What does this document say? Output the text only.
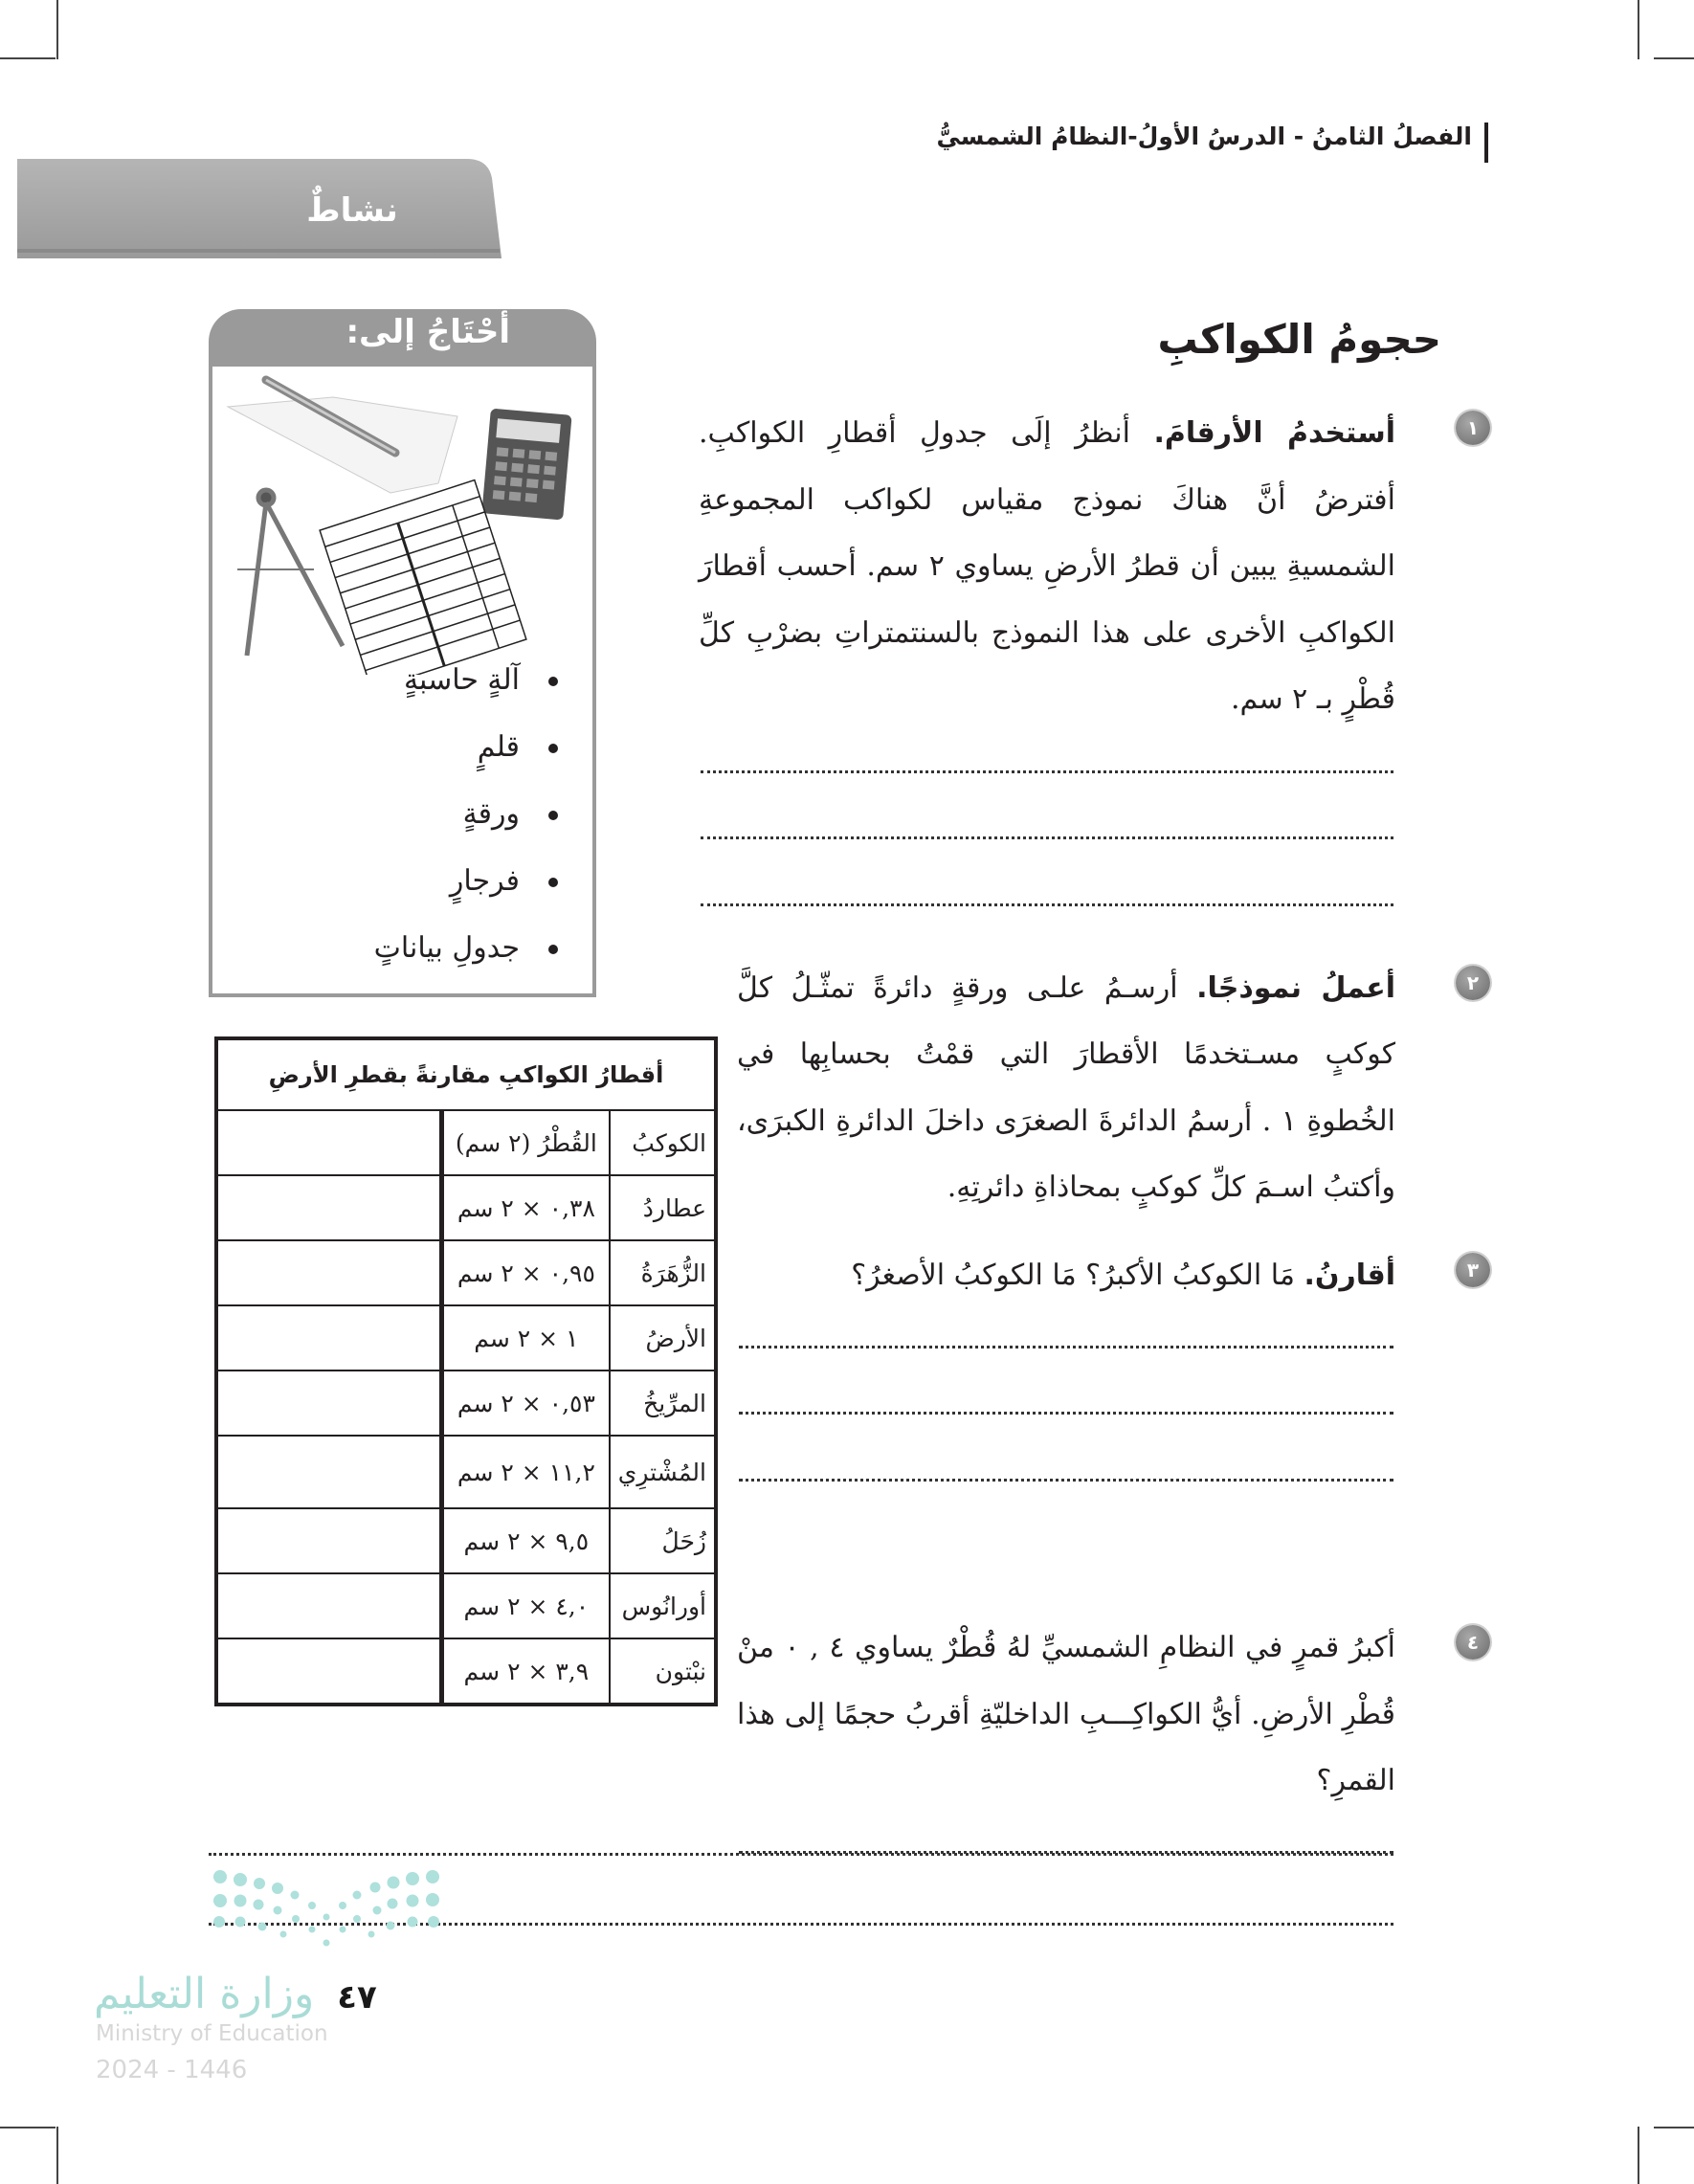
الفصلُ الثامنُ - الدرسُ الأولُ-النظامُ الشمسيُّ
نشاطٌ
حجومُ الكواكبِ
١
أستخدمُ الأرقامَ. أنظرُ إلَى جدولِ أقطارِ الكواكبِ. أفترضُ أنَّ هناكَ نموذج مقياس لكواكب المجموعةِ الشمسيةِ يبين أن قطرُ الأرضِ يساوي ٢ سم. أحسب أقطارَ الكواكبِ الأخرى على هذا النموذج بالسنتمتراتِ بضرْبِ كلِّ قُطْرٍ بـ ٢ سم.
٢
أعملُ نموذجًا. أرسـمُ علـى ورقةٍ دائرةً تمثّـلُ كلَّ كوكبٍ مسـتخدمًا الأقطارَ التي قمْتُ بحسابِها في الخُطوةِ ١ . أرسمُ الدائرةَ الصغرَى داخلَ الدائرةِ الكبرَى، وأكتبُ اسـمَ كلِّ كوكبٍ بمحاذاةِ دائرتِهِ.
٣
أقارنُ. مَا الكوكبُ الأكبرُ؟ مَا الكوكبُ الأصغرُ؟
٤
أكبرُ قمرٍ في النظامِ الشمسيِّ لهُ قُطْرٌ يساوي ٤ , ٠ منْ قُطْرِ الأرضِ. أيُّ الكواكِـــبِ الداخليّةِ أقربُ حجمًا إلى هذا القمرِ؟
أحْتَاجُ إلى:
آلةٍ حاسبةٍ
قلمٍ
ورقةٍ
فرجارٍ
جدولِ بياناتٍ
أقطارُ الكواكبِ مقارنةً بقطرِ الأرضِ		
الكوكبُ	القُطْرُ (٢ سم)	
عطاردُ	٠,٣٨ × ٢ سم	
الزُّهَرَةُ	٠,٩٥ × ٢ سم	
الأرضُ	١ × ٢ سم	
المرِّيخُ	٠,٥٣ × ٢ سم	
المُشْترِي	١١,٢ × ٢ سم	
زُحَلُ	٩,٥ × ٢ سم	
أورانُوس	٤,٠ × ٢ سم	
نبْتون	٣,٩ × ٢ سم	
وزارة التعليم ٤٧
Ministry of Education
2024 - 1446
